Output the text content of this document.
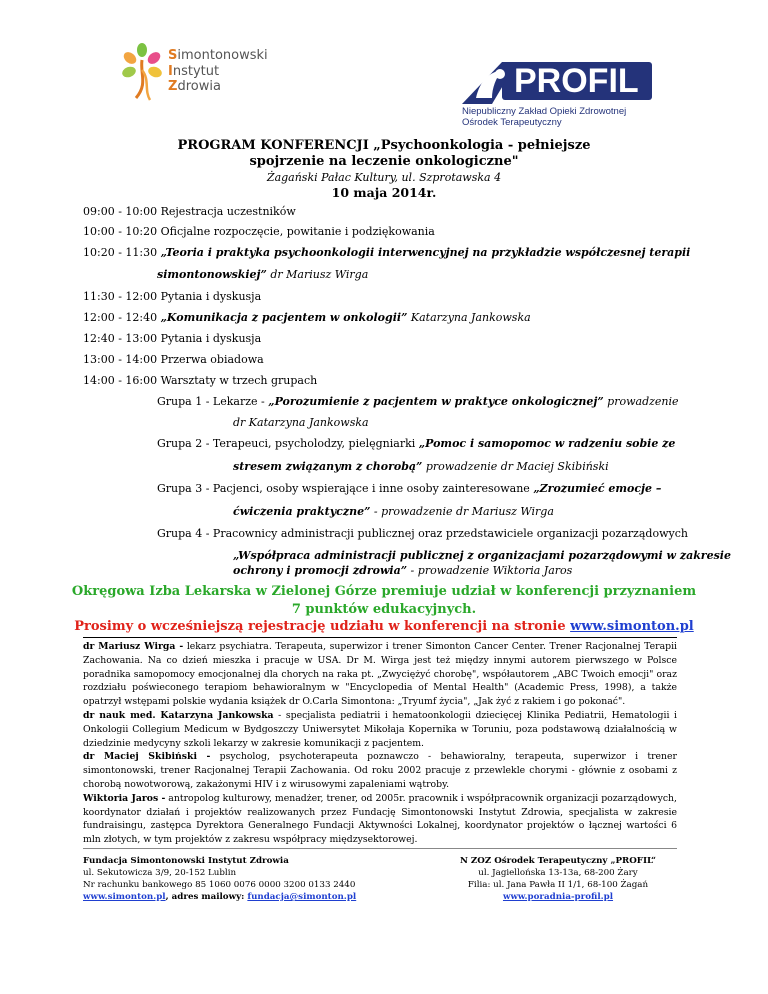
Simontonowski
Instytut
Zdrowia	PROFIL
Niepubliczny Zakład Opieki Zdrowotnej
Ośrodek Terapeutyczny
PROGRAM KONFERENCJI „Psychoonkologia - pełniejsze
spojrzenie na leczenie onkologiczne"
Żagański Pałac Kultury, ul. Szprotawska 4
10 maja 2014r.
09:00 - 10:00 Rejestracja uczestników
10:00 - 10:20 Oficjalne rozpoczęcie, powitanie i podziękowania
10:20 - 11:30 „Teoria i praktyka psychoonkologii interwencyjnej na przykładzie współczesnej terapii
simontonowskiej” dr Mariusz Wirga
11:30 - 12:00 Pytania i dyskusja
12:00 - 12:40 „Komunikacja z pacjentem w onkologii” Katarzyna Jankowska
12:40 - 13:00 Pytania i dyskusja
13:00 - 14:00 Przerwa obiadowa
14:00 - 16:00 Warsztaty w trzech grupach
Grupa 1 - Lekarze - „Porozumienie z pacjentem w praktyce onkologicznej” prowadzenie
dr Katarzyna Jankowska
Grupa 2 - Terapeuci, psycholodzy, pielęgniarki „Pomoc i samopomoc w radzeniu sobie ze
stresem związanym z chorobą” prowadzenie dr Maciej Skibiński
Grupa 3 - Pacjenci, osoby wspierające i inne osoby zainteresowane „Zrozumieć emocje –
ćwiczenia praktyczne” - prowadzenie dr Mariusz Wirga
Grupa 4 - Pracownicy administracji publicznej oraz przedstawiciele organizacji pozarządowych
„Współpraca administracji publicznej z organizacjami pozarządowymi w zakresie
ochrony i promocji zdrowia” - prowadzenie Wiktoria Jaros
Okręgowa Izba Lekarska w Zielonej Górze premiuje udział w konferencji przyznaniem
7 punktów edukacyjnych.
Prosimy o wcześniejszą rejestrację udziału w konferencji na stronie www.simonton.pl

dr Mariusz Wirga - lekarz psychiatra. Terapeuta, superwizor i trener Simonton Cancer Center. Trener Racjonalnej Terapii Zachowania. Na co dzień mieszka i pracuje w USA. Dr M. Wirga jest też między innymi autorem pierwszego w Polsce poradnika samopomocy emocjonalnej dla chorych na raka pt. „Zwyciężyć chorobę", współautorem „ABC Twoich emocji" oraz rozdziału poświeconego terapiom behawioralnym w "Encyclopedia of Mental Health" (Academic Press, 1998), a także opatrzył wstępami polskie wydania książek dr O.Carla Simontona: „Tryumf życia", „Jak żyć z rakiem i go pokonać".

dr nauk med. Katarzyna Jankowska - specjalista pediatrii i hematoonkologii dziecięcej Klinika Pediatrii, Hematologii i Onkologii Collegium Medicum w Bydgoszczy Uniwersytet Mikołaja Kopernika w Toruniu, poza podstawową działalnością w dziedzinie medycyny szkoli lekarzy w zakresie komunikacji z pacjentem.

dr Maciej Skibiński - psycholog, psychoterapeuta poznawczo - behawioralny, terapeuta, superwizor i trener simontonowski, trener Racjonalnej Terapii Zachowania. Od roku 2002 pracuje z przewlekle chorymi - głównie z osobami z chorobą nowotworową, zakażonymi HIV i z wirusowymi zapaleniami wątroby.

Wiktoria Jaros - antropolog kulturowy, menadżer, trener, od 2005r. pracownik i współpracownik organizacji pozarządowych, koordynator działań i projektów realizowanych przez Fundację Simontonowski Instytut Zdrowia, specjalista w zakresie fundraisingu, zastępca Dyrektora Generalnego Fundacji Aktywności Lokalnej, koordynator projektów o łącznej wartości 6 mln złotych, w tym projektów z zakresu współpracy międzysektorowej.

Fundacja Simontonowski Instytut Zdrowia
ul. Sekutowicza 3/9, 20-152 Lublin
Nr rachunku bankowego 85 1060 0076 0000 3200 0133 2440
www.simonton.pl, adres mailowy: fundacja@simonton.pl
N ZOZ Ośrodek Terapeutyczny „PROFIL“
ul. Jagiellońska 13-13a, 68-200 Żary
Filia: ul. Jana Pawła II 1/1, 68-100 Żagań
www.poradnia-profil.pl
